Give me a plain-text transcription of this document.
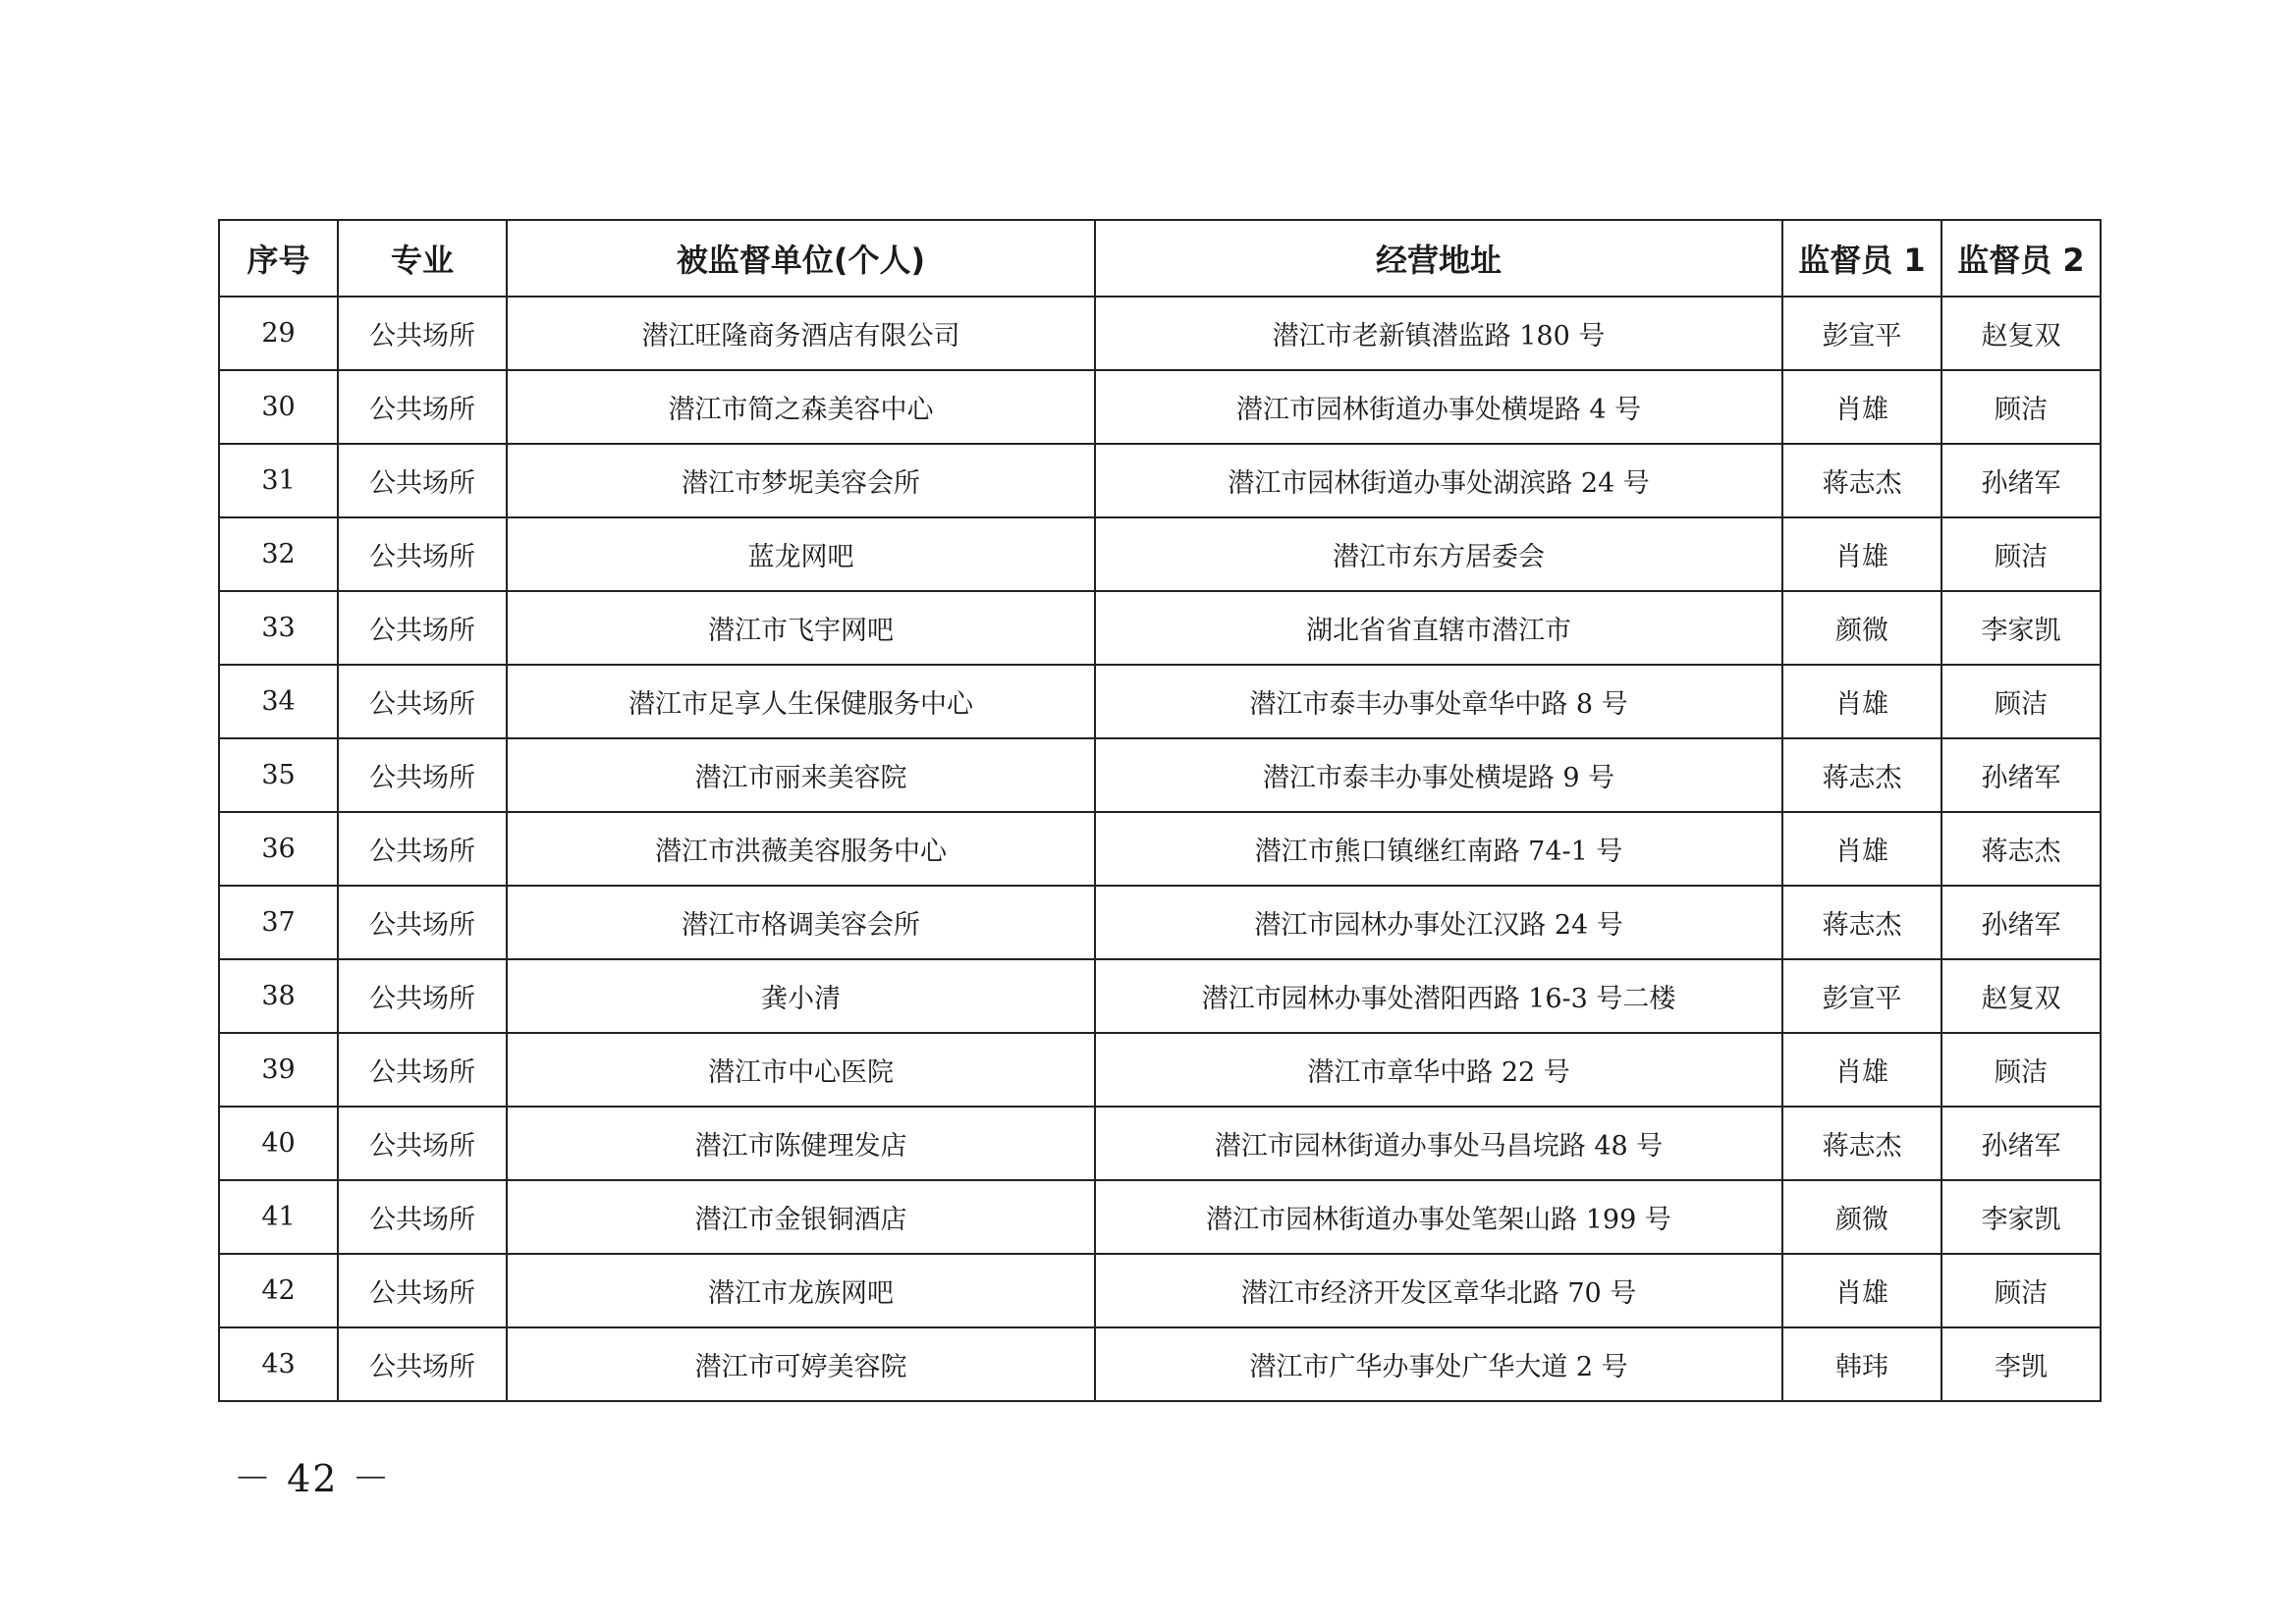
序号	专业	被监督单位(个人)	经营地址	监督员 1	监督员 2
29	公共场所	潜江旺隆商务酒店有限公司	潜江市老新镇潜监路 180 号	彭宣平	赵复双
30	公共场所	潜江市简之森美容中心	潜江市园林街道办事处横堤路 4 号	肖雄	顾洁
31	公共场所	潜江市梦坭美容会所	潜江市园林街道办事处湖滨路 24 号	蒋志杰	孙绪军
32	公共场所	蓝龙网吧	潜江市东方居委会	肖雄	顾洁
33	公共场所	潜江市飞宇网吧	湖北省省直辖市潜江市	颜微	李家凯
34	公共场所	潜江市足享人生保健服务中心	潜江市泰丰办事处章华中路 8 号	肖雄	顾洁
35	公共场所	潜江市丽来美容院	潜江市泰丰办事处横堤路 9 号	蒋志杰	孙绪军
36	公共场所	潜江市洪薇美容服务中心	潜江市熊口镇继红南路 74-1 号	肖雄	蒋志杰
37	公共场所	潜江市格调美容会所	潜江市园林办事处江汉路 24 号	蒋志杰	孙绪军
38	公共场所	龚小清	潜江市园林办事处潜阳西路 16-3 号二楼	彭宣平	赵复双
39	公共场所	潜江市中心医院	潜江市章华中路 22 号	肖雄	顾洁
40	公共场所	潜江市陈健理发店	潜江市园林街道办事处马昌垸路 48 号	蒋志杰	孙绪军
41	公共场所	潜江市金银铜酒店	潜江市园林街道办事处笔架山路 199 号	颜微	李家凯
42	公共场所	潜江市龙族网吧	潜江市经济开发区章华北路 70 号	肖雄	顾洁
43	公共场所	潜江市可婷美容院	潜江市广华办事处广华大道 2 号	韩玮	李凯
－ 42 －
